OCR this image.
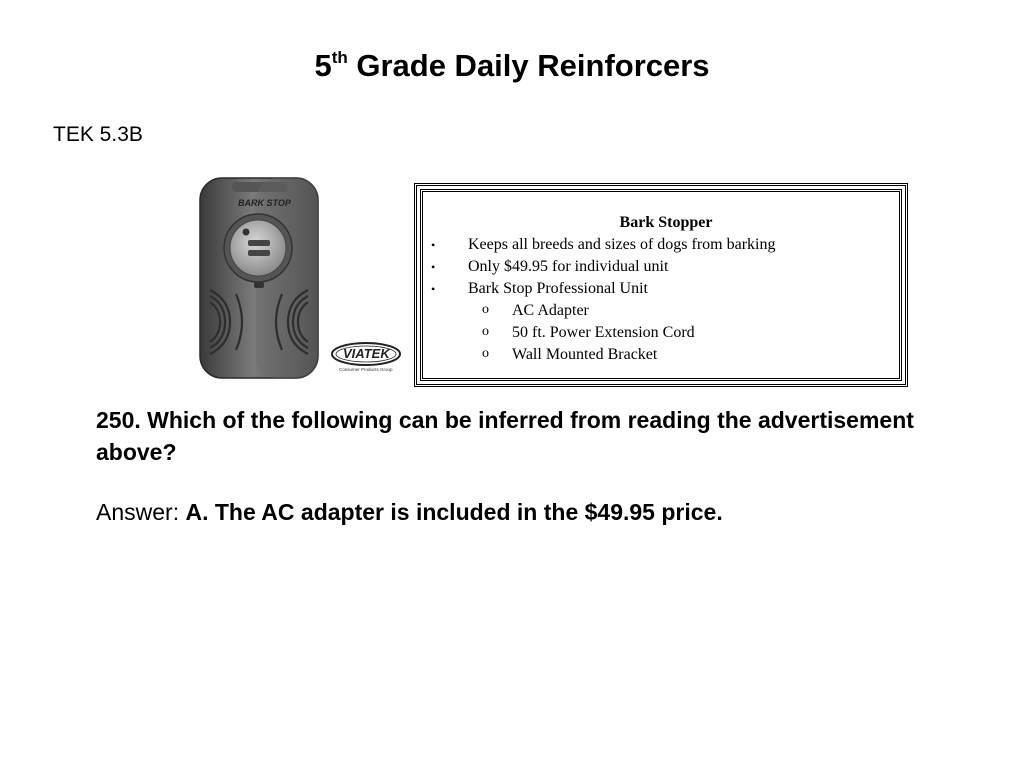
5th Grade Daily Reinforcers
TEK 5.3B
BARK STOP
VIATEK
Consumer Products Group
Bark Stopper
• Keeps all breeds and sizes of dogs from barking
• Only $49.95 for individual unit
• Bark Stop Professional Unit
o AC Adapter
o 50 ft. Power Extension Cord
o Wall Mounted Bracket
250. Which of the following can be inferred from reading the advertisement above?
Answer: A. The AC adapter is included in the $49.95 price.
